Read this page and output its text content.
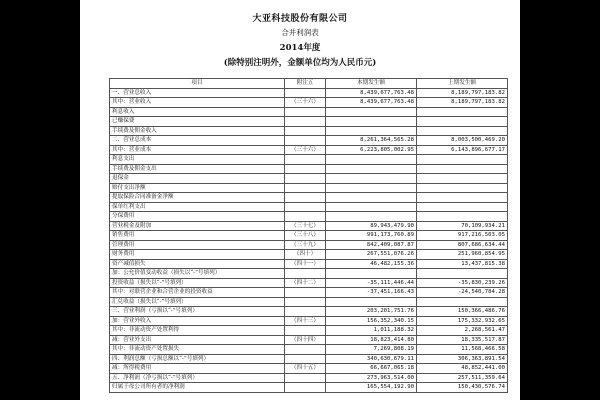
大亚科技股份有限公司
合并利润表
2014年度
(除特别注明外，金额单位均为人民币元)
项目	附注五	本期发生额	上期发生额
一、营业总收入		8,439,677,763.48	8,189,797,183.82
其中：营业收入	（三十六）	8,439,677,763.48	8,189,797,183.82
利息收入			
已赚保费			
手续费及佣金收入			
二、营业总成本		8,261,364,565.28	8,003,500,469.20
其中：营业成本	（三十六）	6,223,805,002.95	6,143,896,677.17
利息支出			
手续费及佣金支出			
退保金			
赔付支出净额			
提取保险合同准备金净额			
保单红利支出			
分保费用			
营业税金及附加	（三十七）	89,943,479.90	70,109,934.21
销售费用	（三十八）	991,173,760.89	917,216,503.05
管理费用	（三十九）	842,409,087.87	807,686,634.44
财务费用	（四十）	267,551,076.26	251,960,854.95
资产减值损失	（四十一）	46,482,155.36	13,437,815.38
加：公允价值变动收益（损失以“-”号填列）			
投资收益（损失以“-”号填列）	（四十二）	-35,111,446.44	-35,830,239.26
其中：对联营企业和合营企业的投资收益		-37,451,166.43	-24,540,784.28
汇兑收益（损失以“-”号填列）			
三、营业利润（亏损以“-”号填列）		203,201,751.76	150,366,486.76
加：营业外收入	（四十三）	156,352,340.15	175,332,932.65
其中：非流动资产处置利得		1,011,188.32	2,268,561.47
减：营业外支出	（四十四）	18,823,414.80	18,335,517.87
其中：非流动资产处置损失		7,269,808.19	11,568,466.58
四、利润总额（亏损总额以“-”号填列）		340,630,679.11	306,363,891.54
减：所得税费用	（四十五）	66,667,065.18	48,852,441.00
五、净利润（净亏损以“-”号填列）		273,963,514.00	257,511,359.64
归属于母公司所有者的净利润		165,554,192.90	150,430,576.74
